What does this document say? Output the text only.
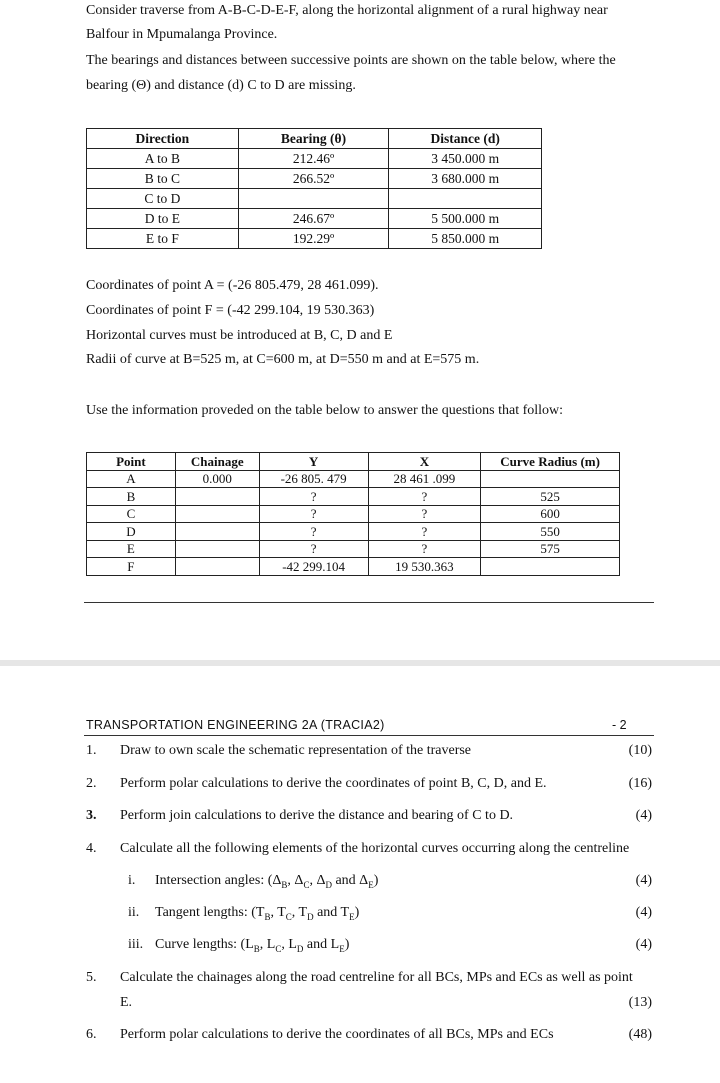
Consider traverse from A-B-C-D-E-F, along the horizontal alignment of a rural highway near
Balfour in Mpumalanga Province.
The bearings and distances between successive points are shown on the table below, where the
bearing (Θ) and distance (d) C to D are missing.
Direction	Bearing (θ)	Distance (d)
A to B	212.46º	3 450.000 m
B to C	266.52º	3 680.000 m
C to D		
D to E	246.67º	5 500.000 m
E to F	192.29º	5 850.000 m
Coordinates of point A = (-26 805.479, 28 461.099).
Coordinates of point F = (-42 299.104, 19 530.363)
Horizontal curves must be introduced at B, C, D and E
Radii of curve at B=525 m, at C=600 m, at D=550 m and at E=575 m.
Use the information proveded on the table below to answer the questions that follow:
Point	Chainage	Y	X	Curve Radius (m)
A	0.000	-26 805. 479	28 461 .099	
B		?	?	525
C		?	?	600
D		?	?	550
E		?	?	575
F		-42 299.104	19 530.363	
TRANSPORTATION ENGINEERING 2A (TRACIA2)	- 2
1. Draw to own scale the schematic representation of the traverse	(10)
2. Perform polar calculations to derive the coordinates of point B, C, D, and E.	(16)
3. Perform join calculations to derive the distance and bearing of C to D.	(4)
4. Calculate all the following elements of the horizontal curves occurring along the centreline
i. Intersection angles: ($\Delta_B$, $\Delta_C$, $\Delta_D$ and $\Delta_E$)	(4)
ii. Tangent lengths: ($T_B$, $T_C$, $T_D$ and $T_E$)	(4)
iii. Curve lengths: ($L_B$, $L_C$, $L_D$ and $L_E$)	(4)
5. Calculate the chainages along the road centreline for all BCs, MPs and ECs as well as point
E.	(13)
6. Perform polar calculations to derive the coordinates of all BCs, MPs and ECs	(48)
